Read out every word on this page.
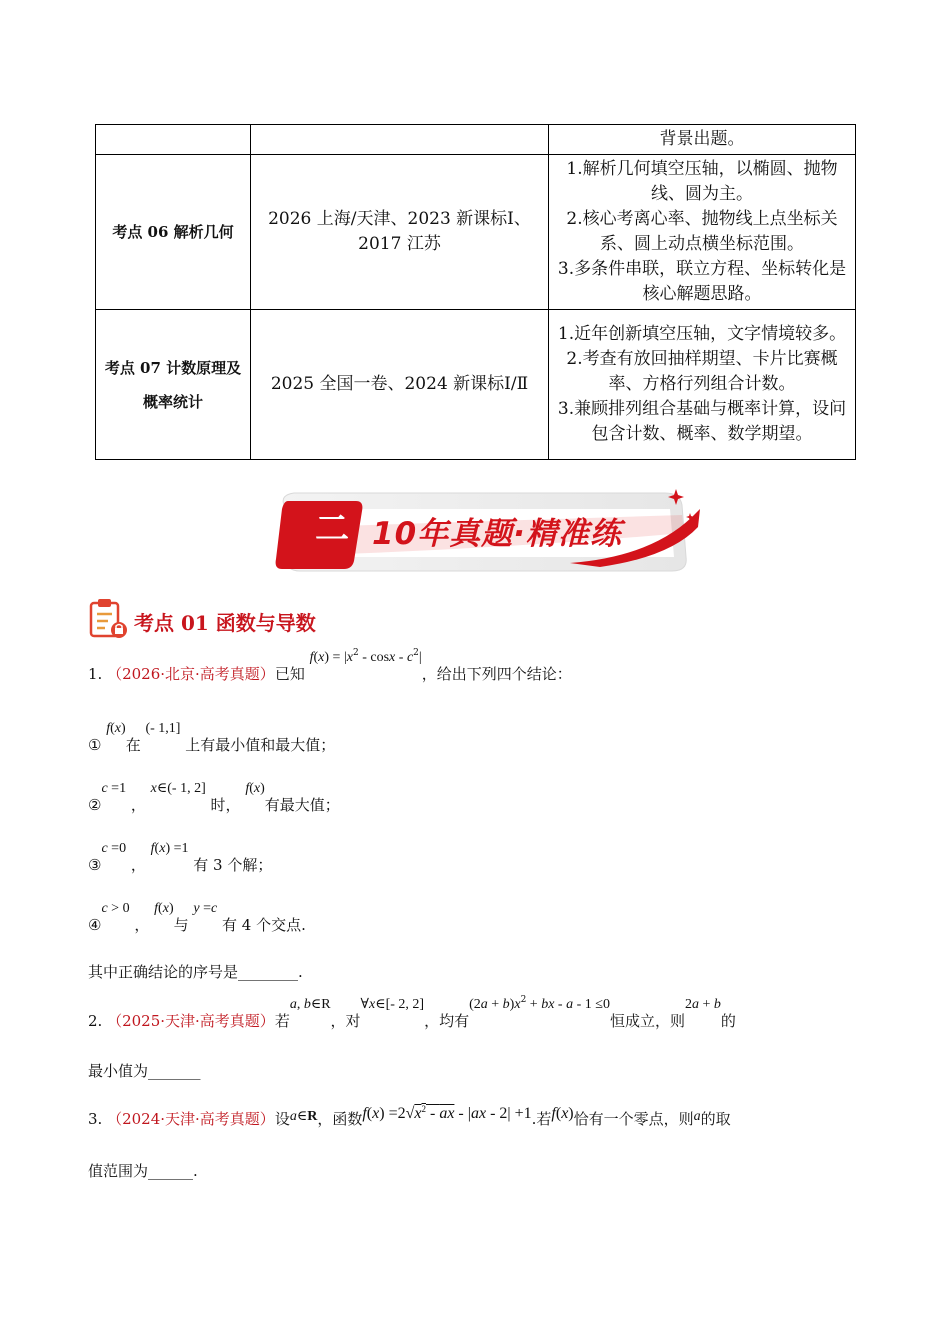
		背景出题。
考点 06 解析几何	2026 上海/天津、2023 新课标Ⅰ、2017 江苏	1.解析几何填空压轴，以椭圆、抛物线、圆为主。
2.核心考离心率、抛物线上点坐标关系、圆上动点横坐标范围。
3.多条件串联，联立方程、坐标转化是核心解题思路。

考点 07 计数原理及概率统计	2025 全国一卷、2024 新课标Ⅰ/Ⅱ	1.近年创新填空压轴，文字情境较多。
2.考查有放回抽样期望、卡片比赛概率、方格行列组合计数。
3.兼顾排列组合基础与概率计算，设问包含计数、概率、数学期望。
二 10年真题·精准练
考点 01 函数与导数
1. （2026·北京·高考真题）已知 $f(x) = |x^2 - \cos x - c^2|$，给出下列四个结论：
① f(x)在 (- 1,1] 上有最小值和最大值；
②c =1 ， x∈(- 1, 2] 时， f(x)有最大值；
③c =0 ， f(x) =1 有 3 个解；
④c > 0 ， f(x)与 y =c 有 4 个交点.
其中正确结论的序号是________.
2. （2025·天津·高考真题）若a, b∈R，对∀x∈[- 2, 2]，均有$(2a + b)x^2$ + bx - a - 1 ≤0恒成立，则2a + b的
最小值为_______
3. （2024·天津·高考真题）设a∈R，函数$f(x) =2√x^2$ - ax - |ax - 2| +1.若f(x)恰有一个零点，则a的取
值范围为______.
